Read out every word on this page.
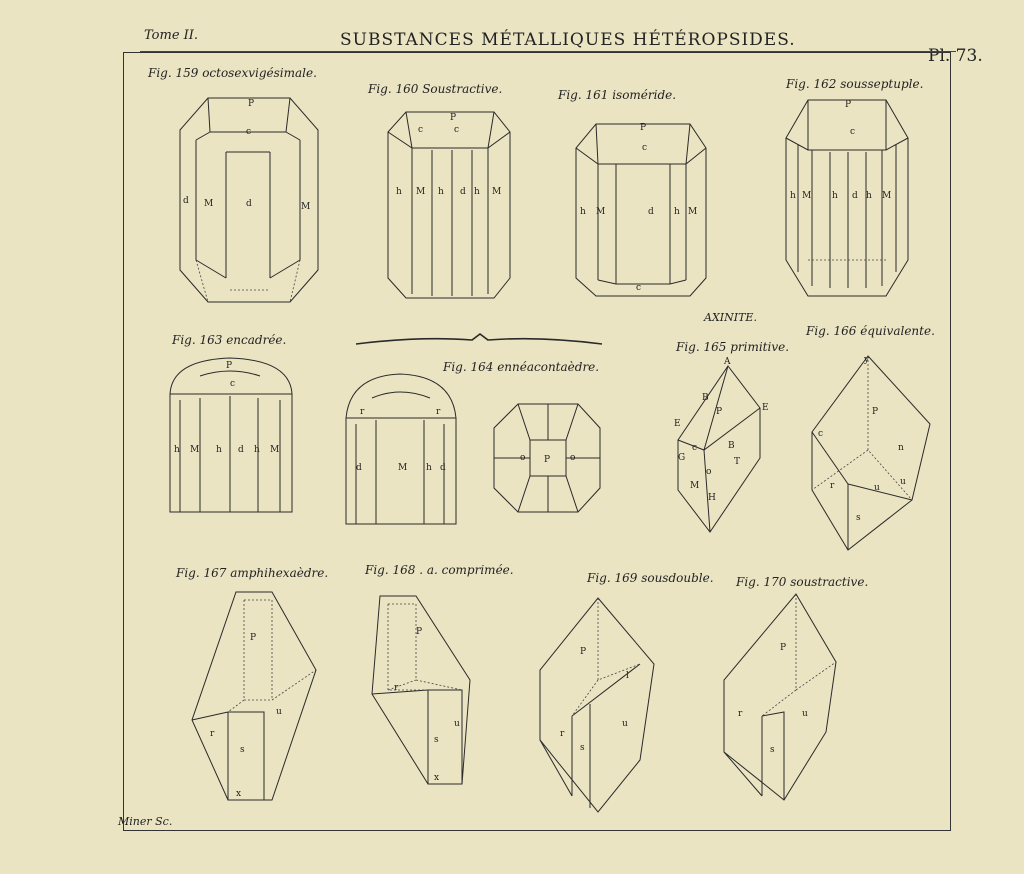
Tome II.	SUBSTANCES MÉTALLIQUES HÉTÉROPSIDES.
Pl. 73.
Fig. 159 octosexvigésimale.
Fig. 160 Soustractive.	Fig. 161 isoméride.
Fig. 162 sousseptuple.
Fig. 163 encadrée.
Fig. 164 ennéacontaèdre.
Fig. 165 primitive.
Fig. 166 équivalente.
Fig. 167 amphihexaèdre.	Fig. 168 . a. comprimée.
Fig. 169 sousdouble. Fig. 170 soustractive.
AXINITE.
Miner Sc.
P
c
d M	d	M
P
c	c
h M h d h M
P
c
h M	d h M
c
P
c
h M h d h M
P
c
h M h d h M
r	r
d	M h d
P
o	o
A
B
P	E
E
c	B
G	T
o
M
H
y
P
c
n
r	u
u
s
P
u
r
s
x
P
r
u
s
x
P
l
r
u
s
P
r	u
s
